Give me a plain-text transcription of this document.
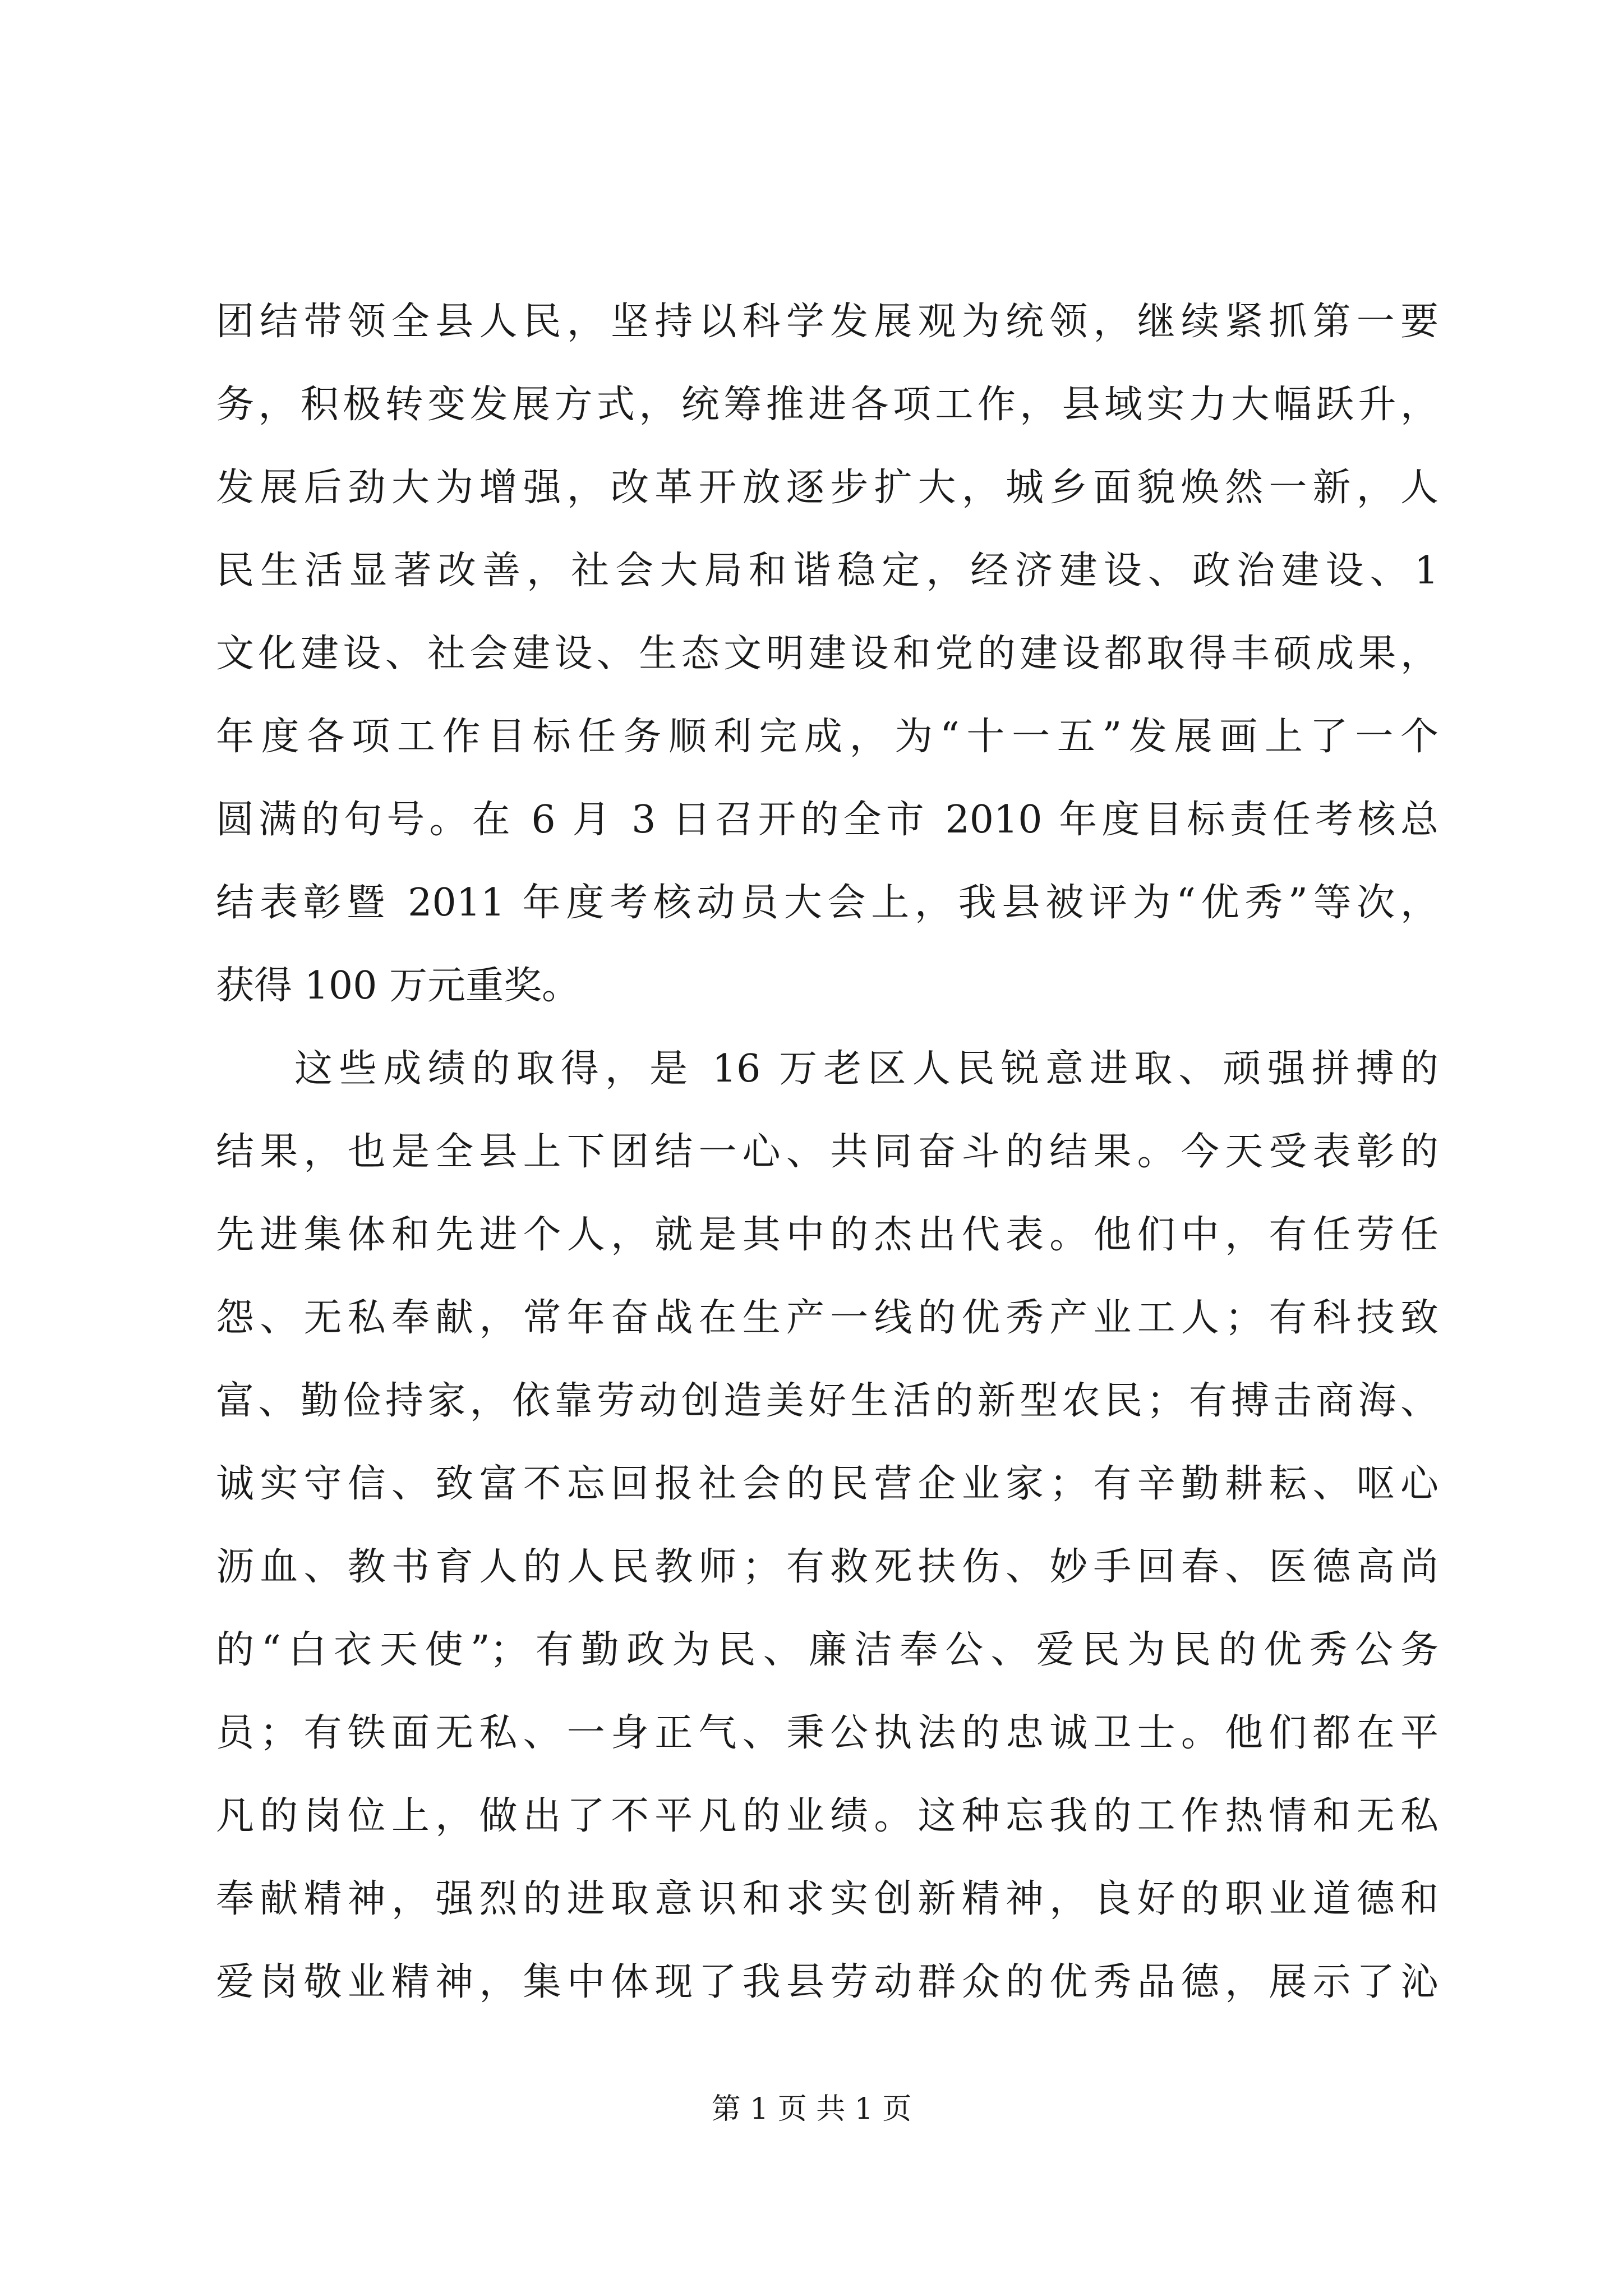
团结带领全县人民，坚持以科学发展观为统领，继续紧抓第一要
务，积极转变发展方式，统筹推进各项工作，县域实力大幅跃升，
发展后劲大为增强，改革开放逐步扩大，城乡面貌焕然一新，人
民生活显著改善，社会大局和谐稳定，经济建设、政治建设、1
文化建设、社会建设、生态文明建设和党的建设都取得丰硕成果，
年度各项工作目标任务顺利完成，为“十一五”发展画上了一个
圆满的句号。在 6 月 3 日召开的全市 2010 年度目标责任考核总
结表彰暨 2011 年度考核动员大会上，我县被评为“优秀”等次，
获得 100 万元重奖。
这些成绩的取得，是 16 万老区人民锐意进取、顽强拼搏的
结果，也是全县上下团结一心、共同奋斗的结果。今天受表彰的
先进集体和先进个人，就是其中的杰出代表。他们中，有任劳任
怨、无私奉献，常年奋战在生产一线的优秀产业工人；有科技致
富、勤俭持家，依靠劳动创造美好生活的新型农民；有搏击商海、
诚实守信、致富不忘回报社会的民营企业家；有辛勤耕耘、呕心
沥血、教书育人的人民教师；有救死扶伤、妙手回春、医德高尚
的“白衣天使”；有勤政为民、廉洁奉公、爱民为民的优秀公务
员；有铁面无私、一身正气、秉公执法的忠诚卫士。他们都在平
凡的岗位上，做出了不平凡的业绩。这种忘我的工作热情和无私
奉献精神，强烈的进取意识和求实创新精神，良好的职业道德和
爱岗敬业精神，集中体现了我县劳动群众的优秀品德，展示了沁
第 1 页 共 1 页
